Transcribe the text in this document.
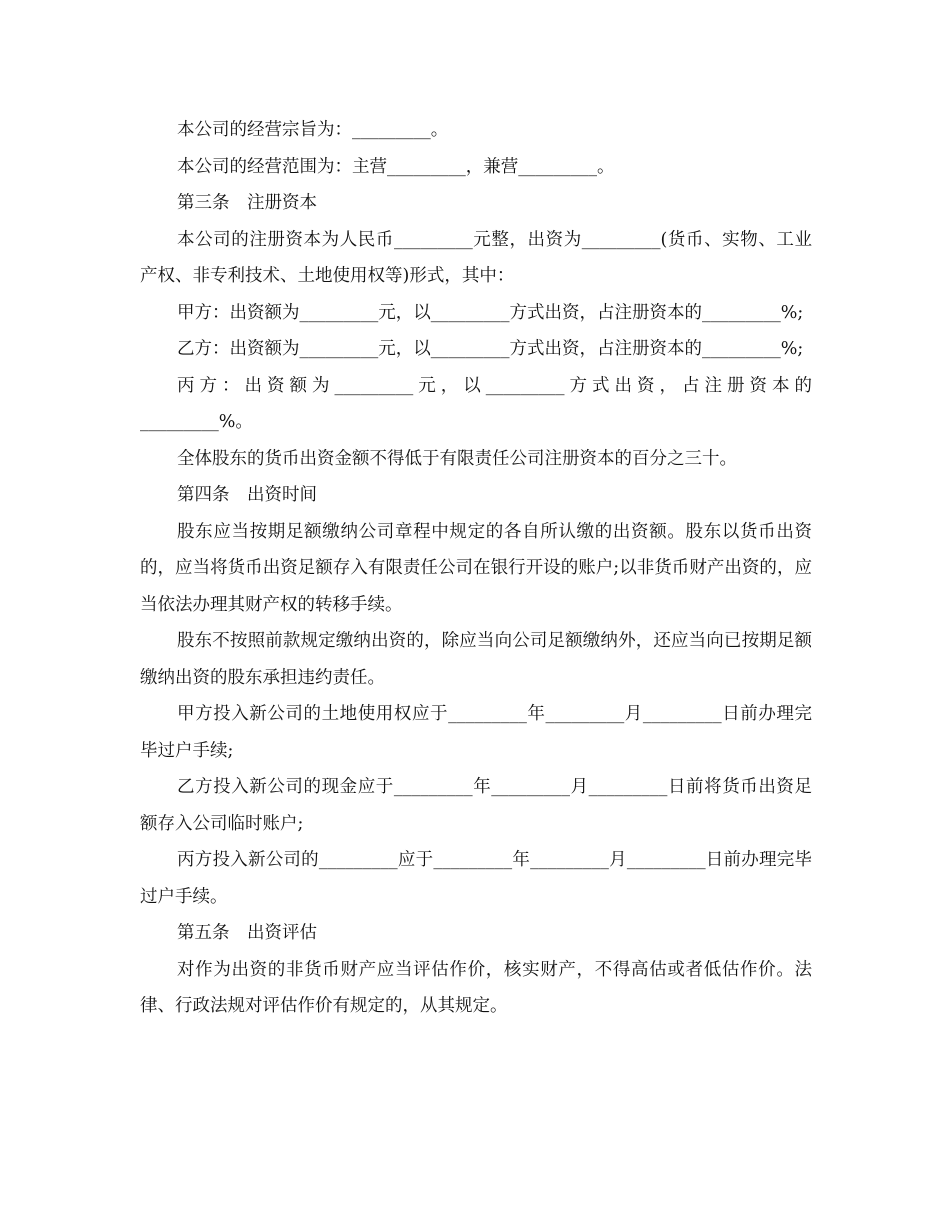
本公司的经营宗旨为：_________。

本公司的经营范围为：主营_________，兼营_________。

第三条　注册资本

本公司的注册资本为人民币_________元整，出资为_________(货币、实物、工业产权、非专利技术、土地使用权等)形式，其中：

甲方：出资额为_________元，以_________方式出资，占注册资本的_________%;

乙方：出资额为_________元，以_________方式出资，占注册资本的_________%;

丙方：出资额为_________元，以_________方式出资，占注册资本的_________%。

全体股东的货币出资金额不得低于有限责任公司注册资本的百分之三十。

第四条　出资时间

股东应当按期足额缴纳公司章程中规定的各自所认缴的出资额。股东以货币出资的，应当将货币出资足额存入有限责任公司在银行开设的账户;以非货币财产出资的，应当依法办理其财产权的转移手续。

股东不按照前款规定缴纳出资的，除应当向公司足额缴纳外，还应当向已按期足额缴纳出资的股东承担违约责任。

甲方投入新公司的土地使用权应于_________年_________月_________日前办理完毕过户手续;

乙方投入新公司的现金应于_________年_________月_________日前将货币出资足额存入公司临时账户;

丙方投入新公司的_________应于_________年_________月_________日前办理完毕过户手续。

第五条　出资评估

对作为出资的非货币财产应当评估作价，核实财产，不得高估或者低估作价。法律、行政法规对评估作价有规定的，从其规定。
